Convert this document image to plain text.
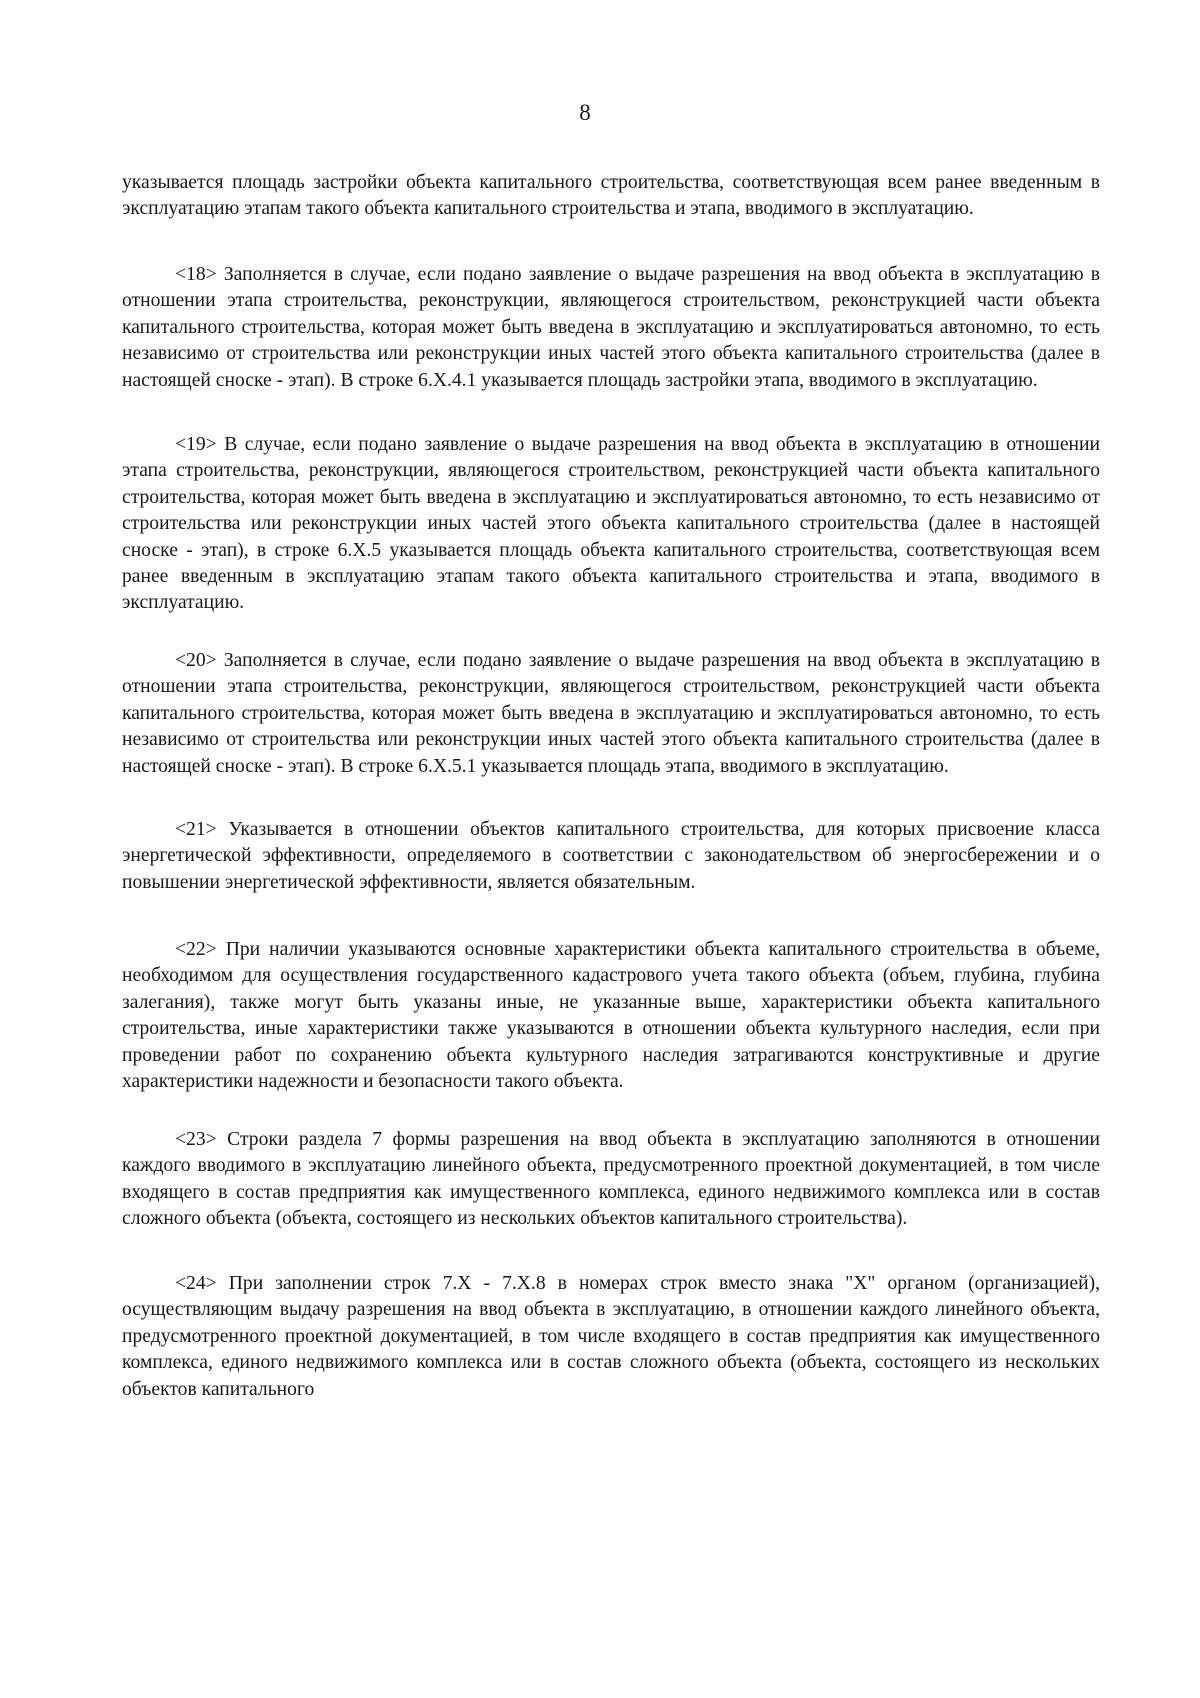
8

указывается площадь застройки объекта капитального строительства, соответствующая всем ранее введенным в эксплуатацию этапам такого объекта капитального строительства и этапа, вводимого в эксплуатацию.

<18> Заполняется в случае, если подано заявление о выдаче разрешения на ввод объекта в эксплуатацию в отношении этапа строительства, реконструкции, являющегося строительством, реконструкцией части объекта капитального строительства, которая может быть введена в эксплуатацию и эксплуатироваться автономно, то есть независимо от строительства или реконструкции иных частей этого объекта капитального строительства (далее в настоящей сноске - этап). В строке 6.X.4.1 указывается площадь застройки этапа, вводимого в эксплуатацию.

<19> В случае, если подано заявление о выдаче разрешения на ввод объекта в эксплуатацию в отношении этапа строительства, реконструкции, являющегося строительством, реконструкцией части объекта капитального строительства, которая может быть введена в эксплуатацию и эксплуатироваться автономно, то есть независимо от строительства или реконструкции иных частей этого объекта капитального строительства (далее в настоящей сноске - этап), в строке 6.X.5 указывается площадь объекта капитального строительства, соответствующая всем ранее введенным в эксплуатацию этапам такого объекта капитального строительства и этапа, вводимого в эксплуатацию.

<20> Заполняется в случае, если подано заявление о выдаче разрешения на ввод объекта в эксплуатацию в отношении этапа строительства, реконструкции, являющегося строительством, реконструкцией части объекта капитального строительства, которая может быть введена в эксплуатацию и эксплуатироваться автономно, то есть независимо от строительства или реконструкции иных частей этого объекта капитального строительства (далее в настоящей сноске - этап). В строке 6.X.5.1 указывается площадь этапа, вводимого в эксплуатацию.

<21> Указывается в отношении объектов капитального строительства, для которых присвоение класса энергетической эффективности, определяемого в соответствии с законодательством об энергосбережении и о повышении энергетической эффективности, является обязательным.

<22> При наличии указываются основные характеристики объекта капитального строительства в объеме, необходимом для осуществления государственного кадастрового учета такого объекта (объем, глубина, глубина залегания), также могут быть указаны иные, не указанные выше, характеристики объекта капитального строительства, иные характеристики также указываются в отношении объекта культурного наследия, если при проведении работ по сохранению объекта культурного наследия затрагиваются конструктивные и другие характеристики надежности и безопасности такого объекта.

<23> Строки раздела 7 формы разрешения на ввод объекта в эксплуатацию заполняются в отношении каждого вводимого в эксплуатацию линейного объекта, предусмотренного проектной документацией, в том числе входящего в состав предприятия как имущественного комплекса, единого недвижимого комплекса или в состав сложного объекта (объекта, состоящего из нескольких объектов капитального строительства).

<24> При заполнении строк 7.X - 7.X.8 в номерах строк вместо знака "X" органом (организацией), осуществляющим выдачу разрешения на ввод объекта в эксплуатацию, в отношении каждого линейного объекта, предусмотренного проектной документацией, в том числе входящего в состав предприятия как имущественного комплекса, единого недвижимого комплекса или в состав сложного объекта (объекта, состоящего из нескольких объектов капитального
